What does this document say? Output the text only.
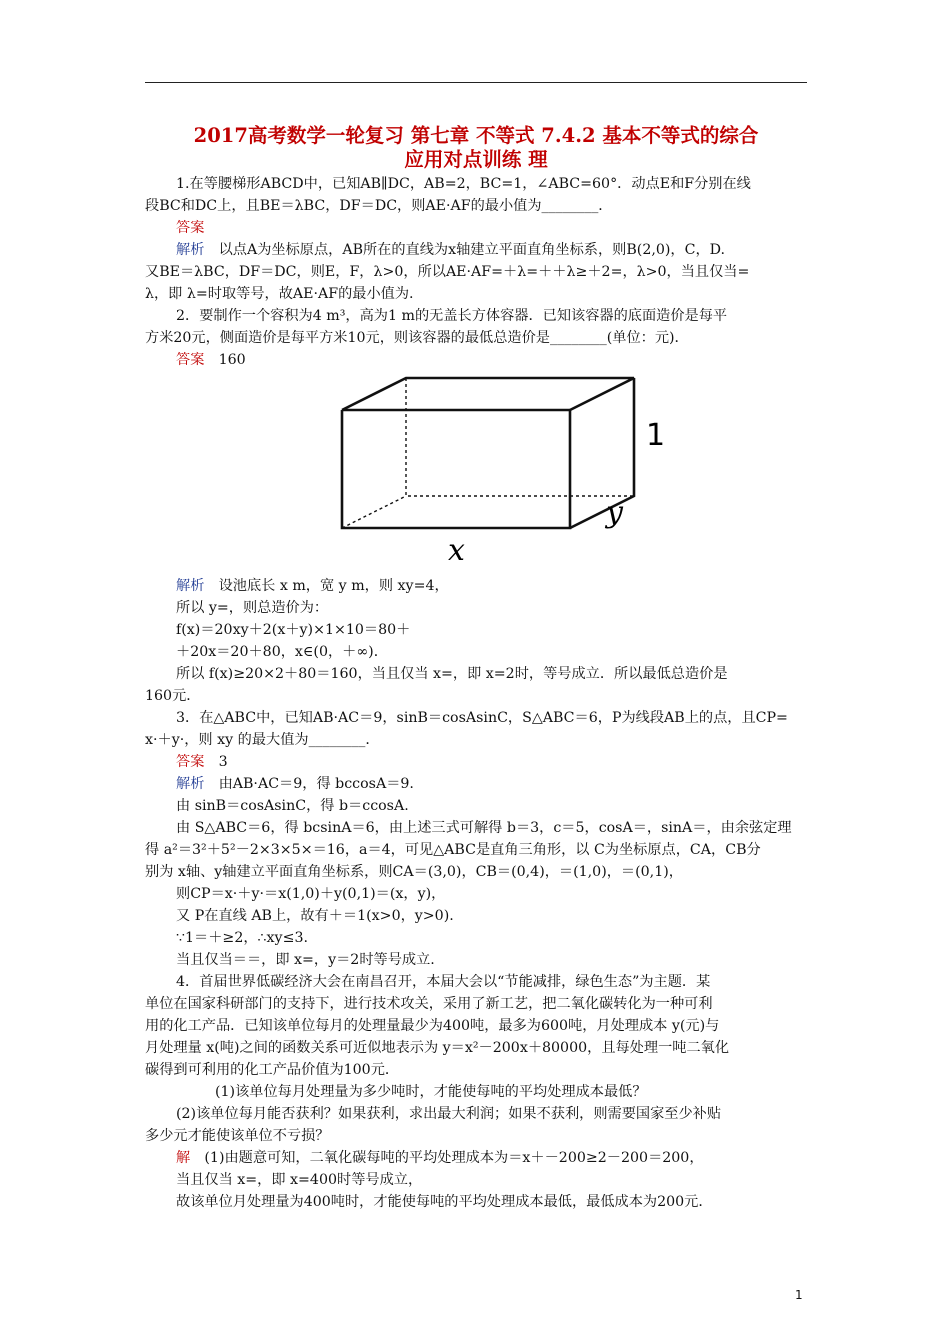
2017高考数学一轮复习 第七章 不等式 7.4.2 基本不等式的综合
应用对点训练 理
1.在等腰梯形ABCD中，已知AB∥DC，AB=2，BC=1，∠ABC=60°．动点E和F分别在线
段BC和DC上，且BE＝λBC，DF＝DC，则AE·AF的最小值为________．
答案
解析　以点A为坐标原点，AB所在的直线为x轴建立平面直角坐标系，则B(2,0)，C，D.
又BE＝λBC，DF＝DC，则E，F，λ>0，所以AE·AF=＋λ=＋＋λ≥＋2=，λ>0，当且仅当=
λ，即 λ=时取等号，故AE·AF的最小值为.
2．要制作一个容积为4 m³，高为1 m的无盖长方体容器．已知该容器的底面造价是每平
方米20元，侧面造价是每平方米10元，则该容器的最低总造价是________(单位：元)．
答案　160
解析　设池底长 x m，宽 y m，则 xy=4，
所以 y=，则总造价为：
f(x)＝20xy＋2(x＋y)×1×10＝80＋
＋20x＝20＋80，x∈(0，＋∞)．
所以 f(x)≥20×2＋80＝160，当且仅当 x=，即 x=2时，等号成立．所以最低总造价是
160元．
3．在△ABC中，已知AB·AC＝9，sinB＝cosAsinC，S△ABC＝6，P为线段AB上的点，且CP=
x·＋y·，则 xy 的最大值为________．
答案　3
解析　由AB·AC＝9，得 bccosA＝9.
由 sinB＝cosAsinC，得 b＝ccosA.
由 S△ABC＝6，得 bcsinA＝6，由上述三式可解得 b＝3，c＝5，cosA＝，sinA＝，由余弦定理
得 a²＝3²＋5²－2×3×5×＝16，a＝4，可见△ABC是直角三角形，以 C为坐标原点，CA，CB分
别为 x轴、y轴建立平面直角坐标系，则CA＝(3,0)，CB＝(0,4)，＝(1,0)，＝(0,1)，
则CP＝x·＋y·＝x(1,0)＋y(0,1)＝(x，y)，
又 P在直线 AB上，故有＋＝1(x>0，y>0).
∵1＝＋≥2，∴xy≤3.
当且仅当＝＝，即 x=，y＝2时等号成立.
4．首届世界低碳经济大会在南昌召开，本届大会以“节能减排，绿色生态”为主题．某
单位在国家科研部门的支持下，进行技术攻关，采用了新工艺，把二氧化碳转化为一种可利
用的化工产品．已知该单位每月的处理量最少为400吨，最多为600吨，月处理成本 y(元)与
月处理量 x(吨)之间的函数关系可近似地表示为 y＝x²－200x＋80000，且每处理一吨二氧化
碳得到可利用的化工产品价值为100元．
(1)该单位每月处理量为多少吨时，才能使每吨的平均处理成本最低？
(2)该单位每月能否获利？如果获利，求出最大利润；如果不获利，则需要国家至少补贴
多少元才能使该单位不亏损？
解　(1)由题意可知，二氧化碳每吨的平均处理成本为＝x＋－200≥2－200＝200，
当且仅当 x=，即 x=400时等号成立，
故该单位月处理量为400吨时，才能使每吨的平均处理成本最低，最低成本为200元．
1
y
x
1
